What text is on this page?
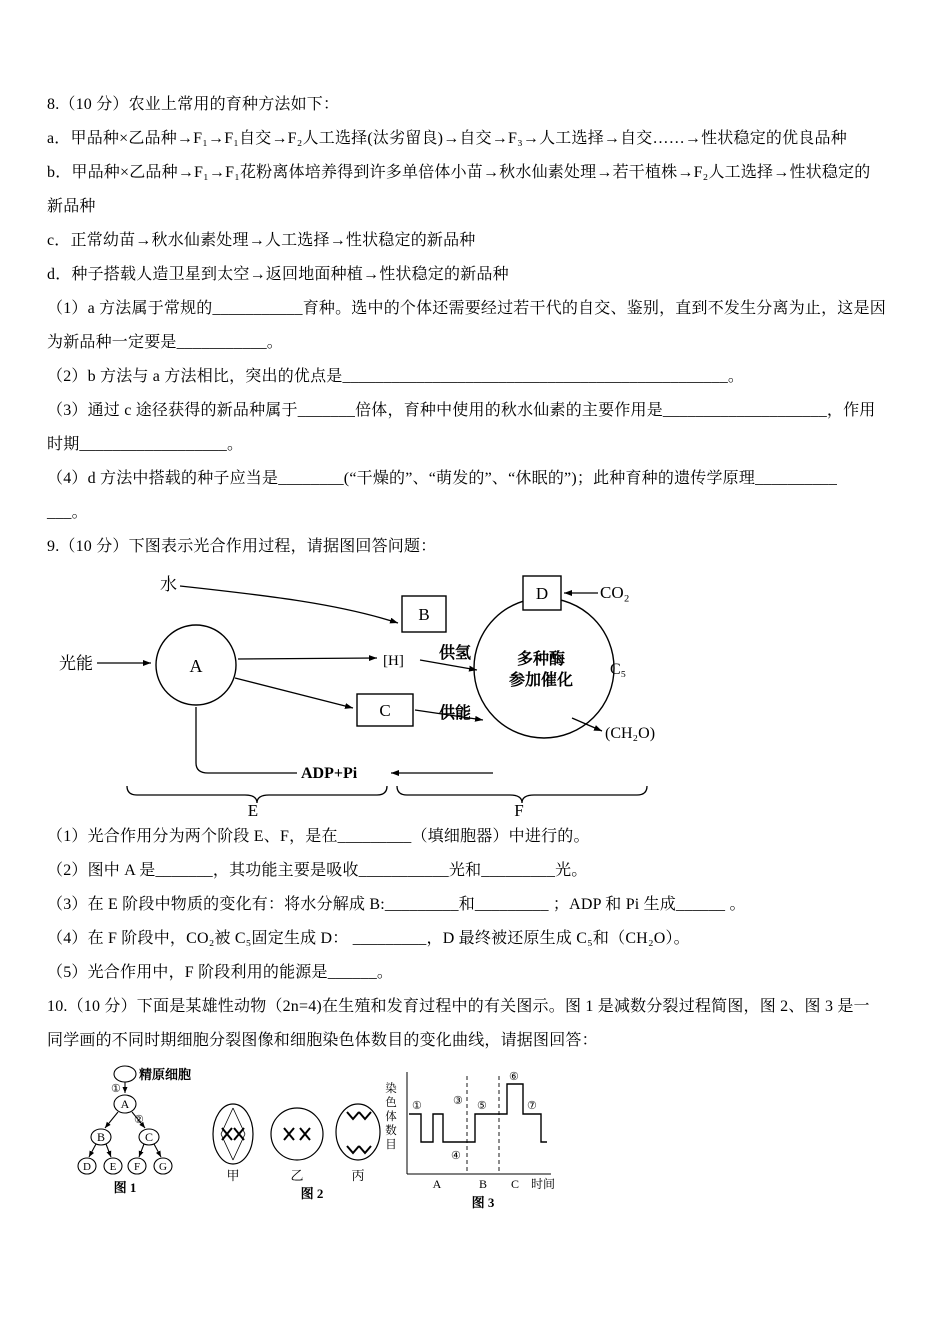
8.（10 分）农业上常用的育种方法如下：

a．甲品种×乙品种→F₁→F₁自交→F₂人工选择(汰劣留良)→自交→F₃→人工选择→自交……→性状稳定的优良品种

b．甲品种×乙品种→F₁→F₁花粉离体培养得到许多单倍体小苗→秋水仙素处理→若干植株→F₂人工选择→性状稳定的

新品种

c．正常幼苗→秋水仙素处理→人工选择→性状稳定的新品种

d．种子搭载人造卫星到太空→返回地面种植→性状稳定的新品种

（1）a 方法属于常规的___________育种。选中的个体还需要经过若干代的自交、鉴别，直到不发生分离为止，这是因

为新品种一定要是___________。

（2）b 方法与 a 方法相比，突出的优点是_______________________________________________。

（3）通过 c 途径获得的新品种属于_______倍体，育种中使用的秋水仙素的主要作用是____________________，作用

时期__________________。

（4）d 方法中搭载的种子应当是________(“干燥的”、“萌发的”、“休眠的”)；此种育种的遗传学原理__________

___。

9.（10 分）下图表示光合作用过程，请据图回答问题：

水
光能	A
B
C
D
[H] 供氢
供能
CO₂
多种酶
参加催化
C₅
(CH₂O)
ADP+Pi
E	F

（1）光合作用分为两个阶段 E、F，是在_________（填细胞器）中进行的。

（2）图中 A 是_______，其功能主要是吸收___________光和_________光。

（3）在 E 阶段中物质的变化有：将水分解成 B:_________和_________ ；ADP 和 Pi 生成______ 。

（4）在 F 阶段中，CO₂被 C₅固定生成 D： _________，D 最终被还原生成 C₅和（CH₂O）。

（5）光合作用中，F 阶段利用的能源是______。

10.（10 分）下面是某雄性动物（2n=4)在生殖和发育过程中的有关图示。图 1 是减数分裂过程简图，图 2、图 3 是一

同学画的不同时期细胞分裂图像和细胞染色体数目的变化曲线，请据图回答：

精原细胞
①
②
A
B	C
D E F G
图 1
甲	乙	丙
图 2
染
色
体
数
目
①	③
④
⑤
⑥
⑦
A	B C 时间
图 3
